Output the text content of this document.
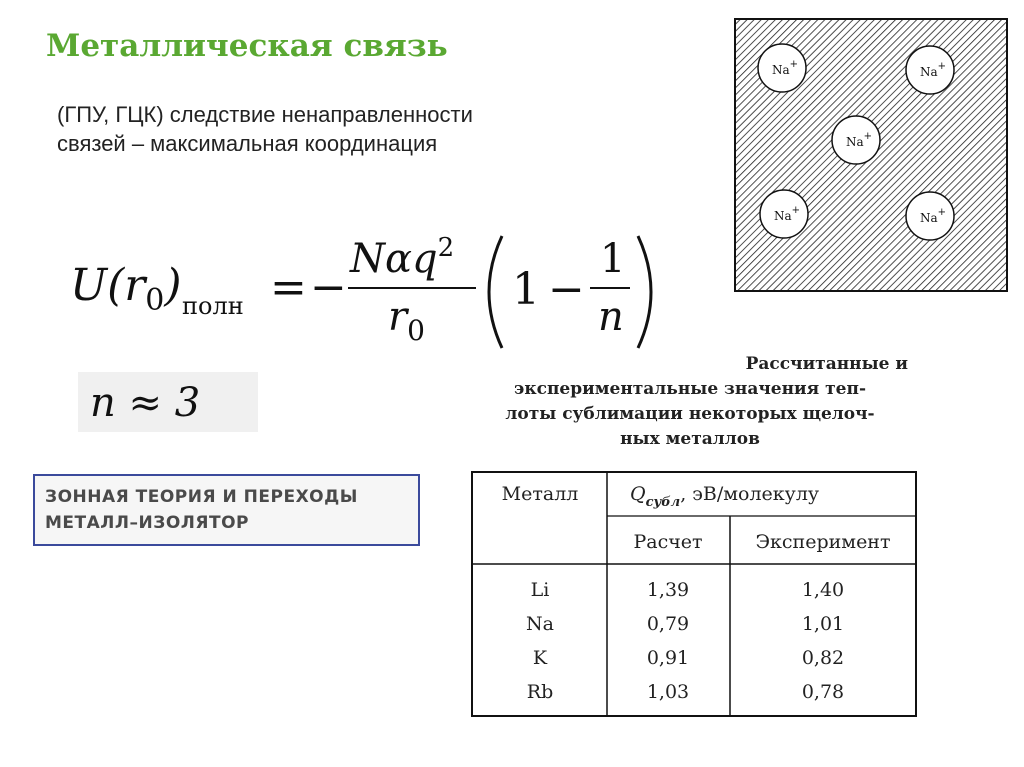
Металлическая связь
(ГПУ, ГЦК) следствие ненаправленности
связей – максимальная координация
$U(r_0)$ полн = −
Nαq$^2$
$r_0$
1 −
1
n
n ≈ 3
ЗОННАЯ ТЕОРИЯ И ПЕРЕХОДЫ
МЕТАЛЛ–ИЗОЛЯТОР
Na+
Na+
Na+
Na+
Na+
Рассчитанные и
экспериментальные значения теп-
лоты сублимации некоторых щелоч-
ных металлов
Металл	$Q_{субл}$, эВ/молекулу
Расчет	Эксперимент
Li	1,39	1,40
Na	0,79	1,01
K	0,91	0,82
Rb	1,03	0,78
